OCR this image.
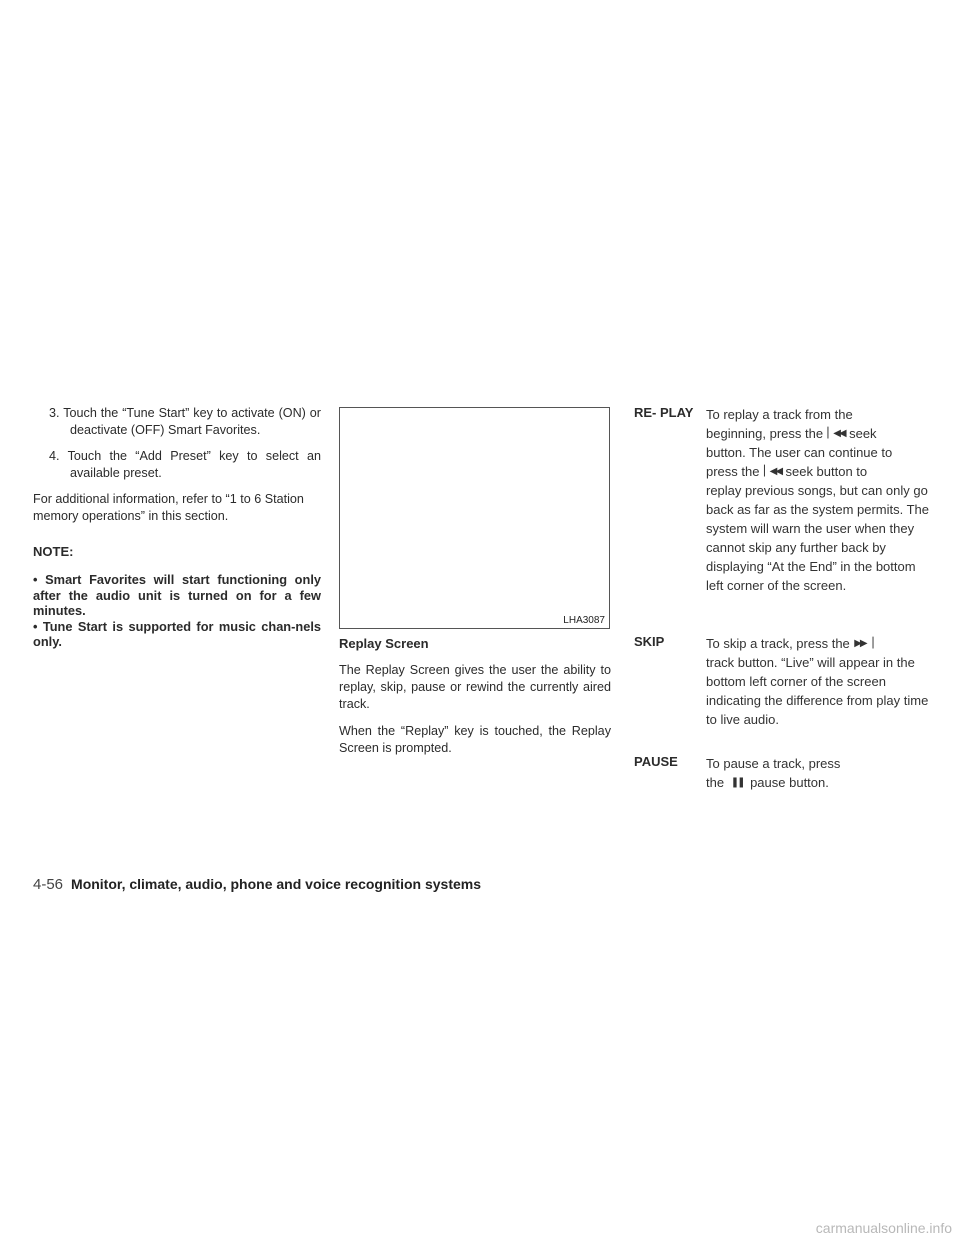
3. Touch the “Tune Start” key to activate (ON) or deactivate (OFF) Smart Favorites.

4. Touch the “Add Preset” key to select an available preset.

For additional information, refer to “1 to 6 Station memory operations” in this section.

NOTE:

• Smart Favorites will start functioning only after the audio unit is turned on for a few minutes.

• Tune Start is supported for music chan-nels only.

LHA3087

Replay Screen

The Replay Screen gives the user the ability to replay, skip, pause or rewind the currently aired track.

When the “Replay” key is touched, the Replay Screen is prompted.

RE- PLAY To replay a track from the
beginning, press the ▏◀◀ seek
button. The user can continue to
press the ▏◀◀ seek button to
replay previous songs, but can only go back as far as the system permits. The system will warn the user when they cannot skip any further back by displaying “At the End” in the bottom left corner of the screen.
SKIP	To skip a track, press the ▶▶▕
track button. “Live” will appear in the bottom left corner of the screen indicating the difference from play time to live audio.
PAUSE	To pause a track, press
the ❚❚ pause button.
4-56 Monitor, climate, audio, phone and voice recognition systems
carmanualsonline.info
